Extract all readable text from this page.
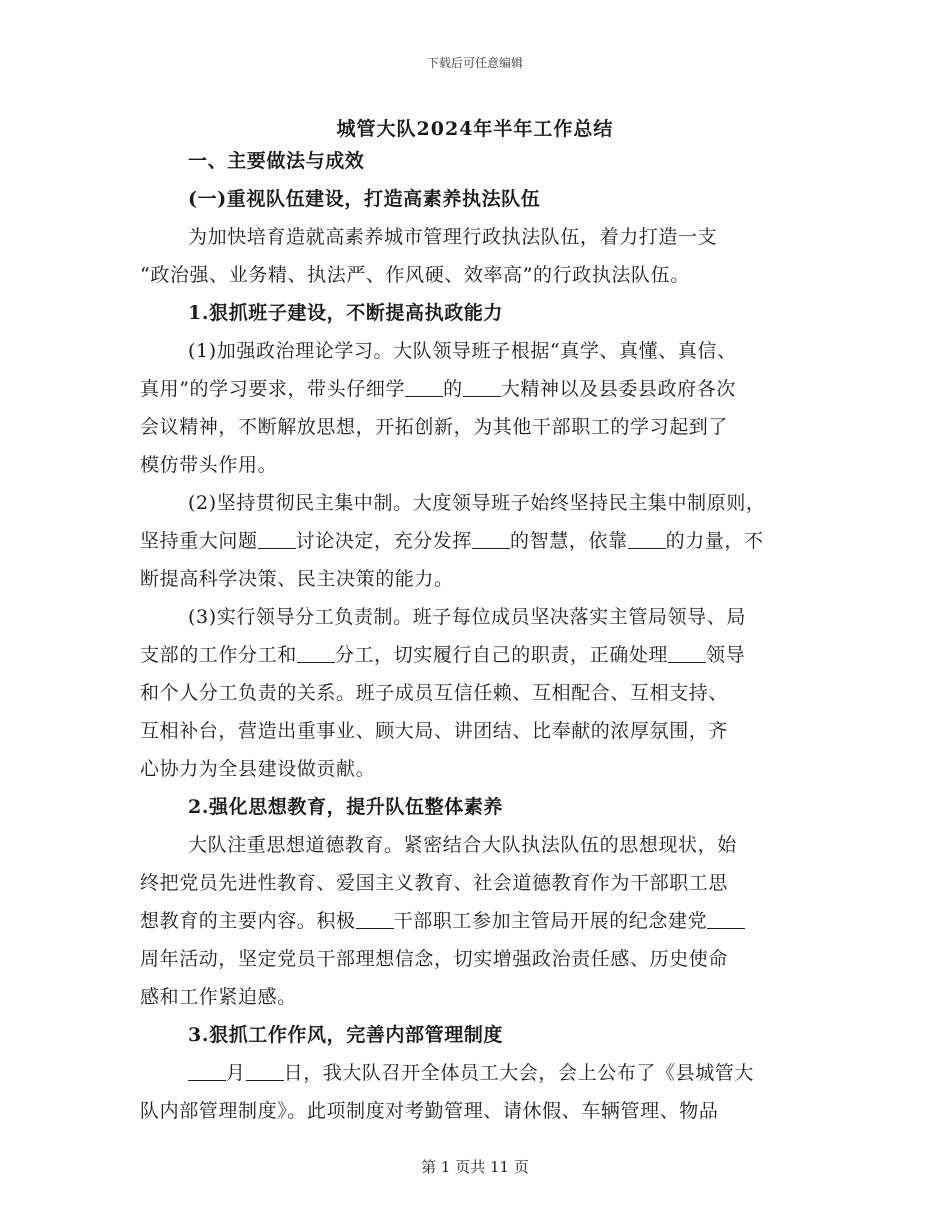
下载后可任意编辑
城管大队2024年半年工作总结
一、主要做法与成效
(一)重视队伍建设，打造高素养执法队伍
为加快培育造就高素养城市管理行政执法队伍，着力打造一支
“政治强、业务精、执法严、作风硬、效率高”的行政执法队伍。
1.狠抓班子建设，不断提高执政能力
(1)加强政治理论学习。大队领导班子根据“真学、真懂、真信、
真用”的学习要求，带头仔细学 的 大精神以及县委县政府各次
会议精神，不断解放思想，开拓创新，为其他干部职工的学习起到了
模仿带头作用。
(2)坚持贯彻民主集中制。大度领导班子始终坚持民主集中制原则，
坚持重大问题 讨论决定，充分发挥 的智慧，依靠 的力量，不
断提高科学决策、民主决策的能力。
(3)实行领导分工负责制。班子每位成员坚决落实主管局领导、局
支部的工作分工和 分工，切实履行自己的职责，正确处理 领导
和个人分工负责的关系。班子成员互信任赖、互相配合、互相支持、
互相补台，营造出重事业、顾大局、讲团结、比奉献的浓厚氛围，齐
心协力为全县建设做贡献。
2.强化思想教育，提升队伍整体素养
大队注重思想道德教育。紧密结合大队执法队伍的思想现状，始
终把党员先进性教育、爱国主义教育、社会道德教育作为干部职工思
想教育的主要内容。积极 干部职工参加主管局开展的纪念建党
周年活动，坚定党员干部理想信念，切实增强政治责任感、历史使命
感和工作紧迫感。
3.狠抓工作作风，完善内部管理制度
月 日，我大队召开全体员工大会，会上公布了《县城管大
队内部管理制度》。此项制度对考勤管理、请休假、车辆管理、物品
第 1 页共 11 页
